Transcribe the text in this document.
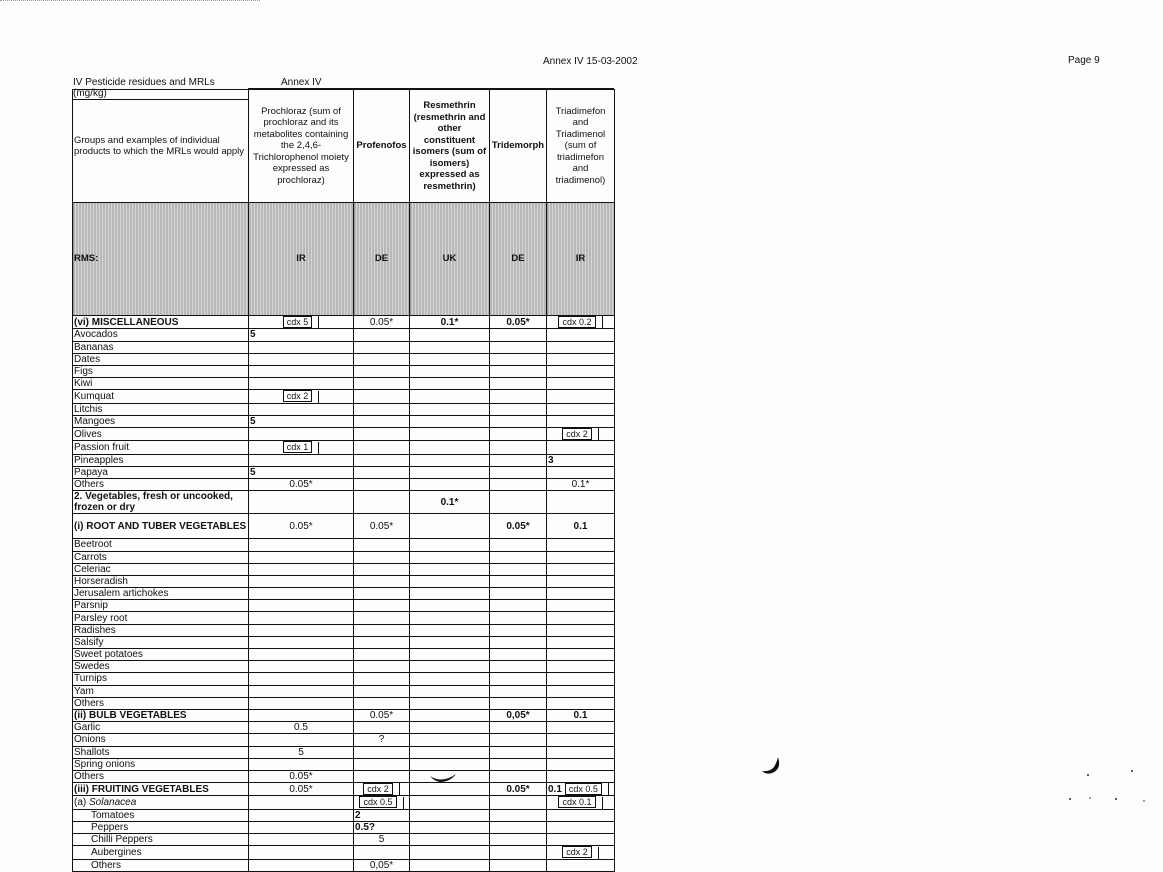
Annex IV 15-03-2002	Page 9
IV Pesticide residues and MRLs (mg/kg)
Annex IV
Groups and examples of individual products to which the MRLs would apply	Prochloraz (sum of prochloraz and its metabolites containing the 2,4,6-Trichlorophenol moiety expressed as prochloraz)	Profenofos	Resmethrin (resmethrin and other constituent isomers (sum of isomers) expressed as resmethrin)	Tridemorph	Triadimefon and Triadimenol (sum of triadimefon and triadimenol)
RMS:	IR	DE	UK	DE	IR
(vi) MISCELLANEOUS	cdx 5	0.05*	0.1*	0.05*	cdx 0.2
Avocados	5				
Bananas					
Dates					
Figs					
Kiwi					
Kumquat	cdx 2				
Litchis					
Mangoes	5				
Olives					cdx 2
Passion fruit	cdx 1				
Pineapples					3
Papaya	5				
Others	0.05*				0.1*
2. Vegetables, fresh or uncooked, frozen or dry			0.1*		
(i) ROOT AND TUBER VEGETABLES	0.05*	0.05*		0.05*	0.1
Beetroot					
Carrots					
Celeriac					
Horseradish					
Jerusalem artichokes					
Parsnip					
Parsley root					
Radishes					
Salsify					
Sweet potatoes					
Swedes					
Turnips					
Yam					
Others					
(ii) BULB VEGETABLES		0.05*		0,05*	0.1
Garlic	0.5				
Onions		?			
Shallots	5				
Spring onions					
Others	0.05*				
(iii) FRUITING VEGETABLES	0.05*	cdx 2		0.05*	0.1 cdx 0.5
(a) Solanacea		cdx 0.5			cdx 0.1
Tomatoes		2			
Peppers		0.5?			
Chilli Peppers		5			
Aubergines					cdx 2
Others		0,05*			
